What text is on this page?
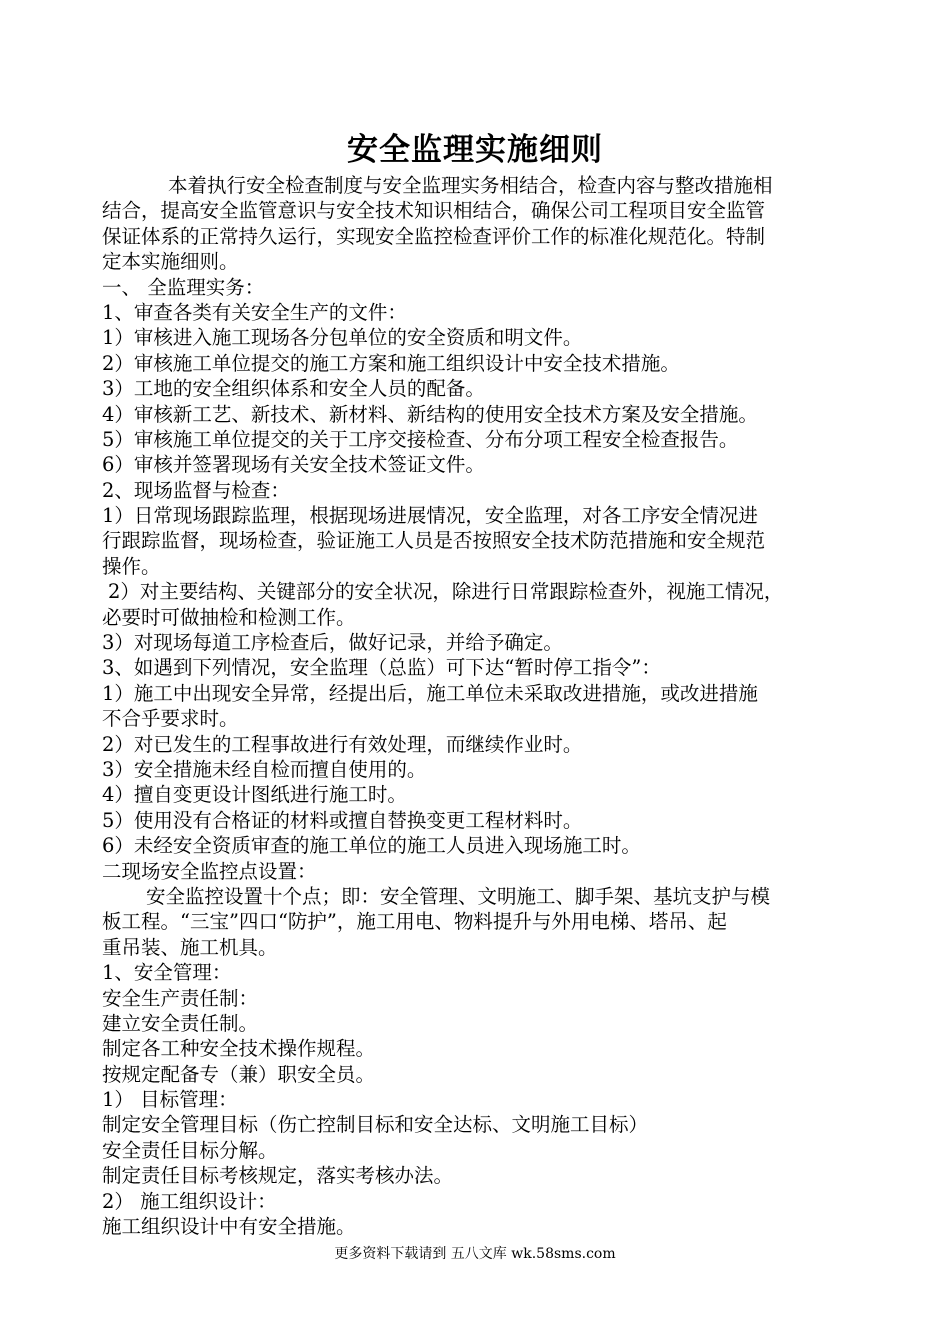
安全监理实施细则
本着执行安全检查制度与安全监理实务相结合，检查内容与整改措施相
结合，提高安全监管意识与安全技术知识相结合，确保公司工程项目安全监管
保证体系的正常持久运行，实现安全监控检查评价工作的标准化规范化。特制
定本实施细则。
一、 全监理实务：
1、审查各类有关安全生产的文件：
1）审核进入施工现场各分包单位的安全资质和明文件。
2）审核施工单位提交的施工方案和施工组织设计中安全技术措施。
3）工地的安全组织体系和安全人员的配备。
4）审核新工艺、新技术、新材料、新结构的使用安全技术方案及安全措施。
5）审核施工单位提交的关于工序交接检查、分布分项工程安全检查报告。
6）审核并签署现场有关安全技术签证文件。
2、现场监督与检查：
1）日常现场跟踪监理，根据现场进展情况，安全监理，对各工序安全情况进
行跟踪监督，现场检查，验证施工人员是否按照安全技术防范措施和安全规范
操作。
2）对主要结构、关键部分的安全状况，除进行日常跟踪检查外，视施工情况，
必要时可做抽检和检测工作。
3）对现场每道工序检查后，做好记录，并给予确定。
3、如遇到下列情况，安全监理（总监）可下达“暂时停工指令”：
1）施工中出现安全异常，经提出后，施工单位未采取改进措施，或改进措施
不合乎要求时。
2）对已发生的工程事故进行有效处理，而继续作业时。
3）安全措施未经自检而擅自使用的。
4）擅自变更设计图纸进行施工时。
5）使用没有合格证的材料或擅自替换变更工程材料时。
6）未经安全资质审查的施工单位的施工人员进入现场施工时。
二现场安全监控点设置：
安全监控设置十个点；即：安全管理、文明施工、脚手架、基坑支护与模
板工程。“三宝”四口“防护”，施工用电、物料提升与外用电梯、塔吊、起
重吊装、施工机具。
1、安全管理：
安全生产责任制：
建立安全责任制。
制定各工种安全技术操作规程。
按规定配备专（兼）职安全员。
1） 目标管理：
制定安全管理目标（伤亡控制目标和安全达标、文明施工目标）
安全责任目标分解。
制定责任目标考核规定，落实考核办法。
2） 施工组织设计：
施工组织设计中有安全措施。
更多资料下载请到 五八文库 wk.58sms.com
